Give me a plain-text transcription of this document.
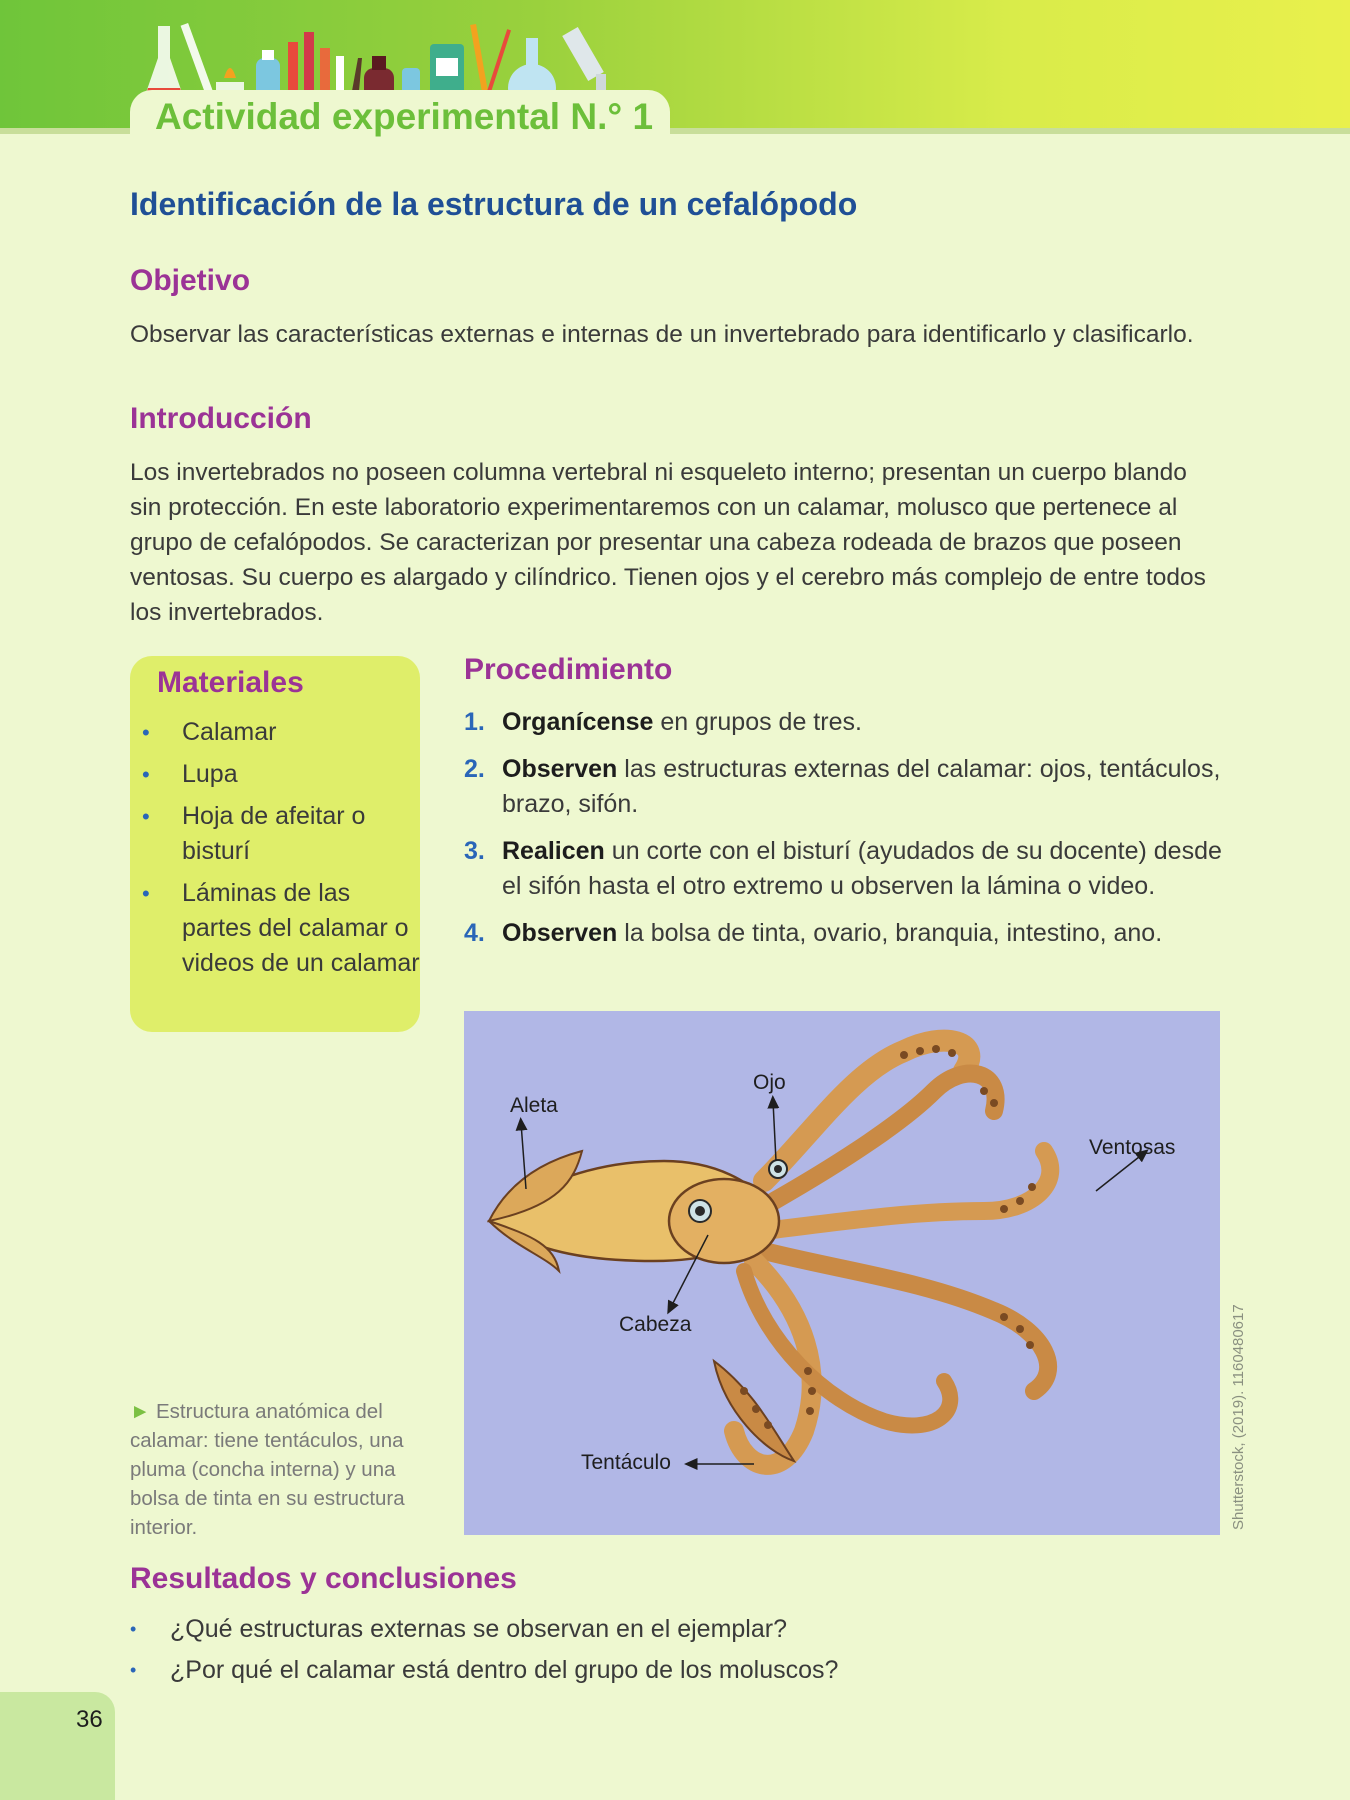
Actividad experimental N.° 1
Identificación de la estructura de un cefalópodo
Objetivo

Observar las características externas e internas de un invertebrado para identificarlo y clasificarlo.

Introducción

Los invertebrados no poseen columna vertebral ni esqueleto interno; presentan un cuerpo blando sin protección. En este laboratorio experimentaremos con un calamar, molusco que pertenece al grupo de cefalópodos. Se caracterizan por presentar una cabeza rodeada de brazos que poseen ventosas. Su cuerpo es alargado y cilíndrico. Tienen ojos y el cerebro más complejo de entre todos los invertebrados.

Materiales
• Calamar
• Lupa
• Hoja de afeitar o bisturí
• Láminas de las partes del calamar o videos de un calamar
Procedimiento
1. Organícense en grupos de tres.
2. Observen las estructuras externas del calamar: ojos, tentáculos, brazo, sifón.
3. Realicen un corte con el bisturí (ayudados de su docente) desde el sifón hasta el otro extremo u observen la lámina o video.
4. Observen la bolsa de tinta, ovario, branquia, intestino, ano.
Aleta
Ojo
Ventosas
Cabeza
Tentáculo	Shutterstock, (2019). 1160480617

► Estructura anatómica del calamar: tiene tentáculos, una pluma (concha interna) y una bolsa de tinta en su estructura interior.

Resultados y conclusiones
• ¿Qué estructuras externas se observan en el ejemplar?
• ¿Por qué el calamar está dentro del grupo de los moluscos?
36
